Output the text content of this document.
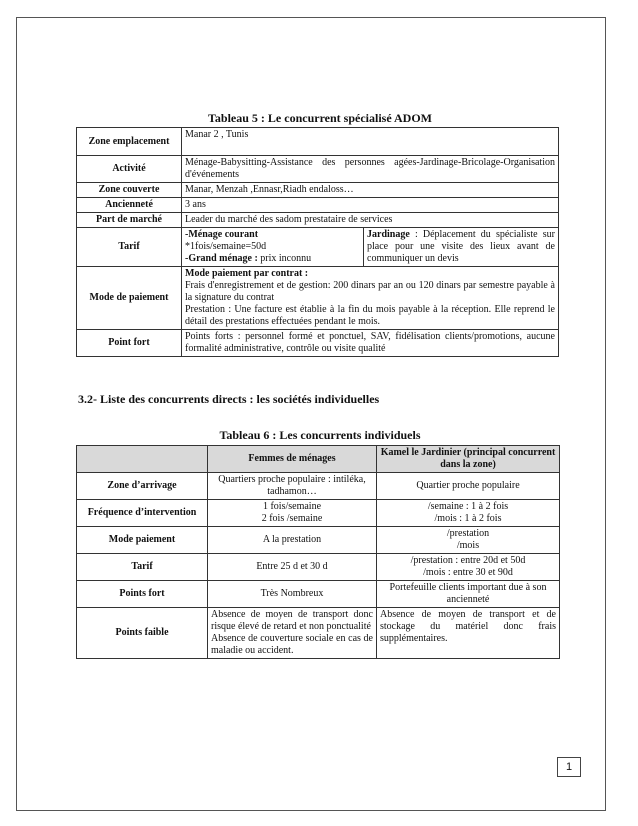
Tableau 5 : Le concurrent spécialisé ADOM
Zone emplacement	Manar 2 , Tunis	
Activité	Ménage-Babysitting-Assistance des personnes agées-Jardinage-Bricolage-Organisation d'événements	
Zone couverte	Manar, Menzah ,Ennasr,Riadh endaloss…	
Ancienneté	3 ans	
Part de marché	Leader du marché des sadom prestataire de services	
Tarif	-Ménage courant
*1fois/semaine=50d
-Grand ménage : prix inconnu	Jardinage : Déplacement du spécialiste sur place pour une visite des lieux avant de communiquer un devis
Mode de paiement	Mode paiement par contrat :
Frais d'enregistrement et de gestion: 200 dinars par an ou 120 dinars par semestre payable à la signature du contrat
Prestation : Une facture est établie à la fin du mois payable à la réception. Elle reprend le détail des prestations effectuées pendant le mois.	
Point fort	Points forts : personnel formé et ponctuel, SAV, fidélisation clients/promotions, aucune formalité administrative, contrôle ou visite qualité	
3.2- Liste des concurrents directs : les sociétés individuelles
Tableau 6 : Les concurrents individuels
	Femmes de ménages	Kamel le Jardinier (principal concurrent dans la zone)
Zone d’arrivage	Quartiers proche populaire : intiléka, tadhamon…	Quartier proche populaire
Fréquence d’intervention	1 fois/semaine
2 fois /semaine	/semaine : 1 à 2 fois
/mois : 1 à 2 fois
Mode paiement	A la prestation	/prestation
/mois
Tarif	Entre 25 d et 30 d	/prestation : entre 20d et 50d
/mois : entre 30 et 90d
Points fort	Très Nombreux	Portefeuille clients important due à son ancienneté
Points faible	Absence de moyen de transport donc risque élevé de retard et non ponctualité
Absence de couverture sociale en cas de maladie ou accident.	Absence de moyen de transport et de stockage du matériel donc frais supplémentaires.
1
